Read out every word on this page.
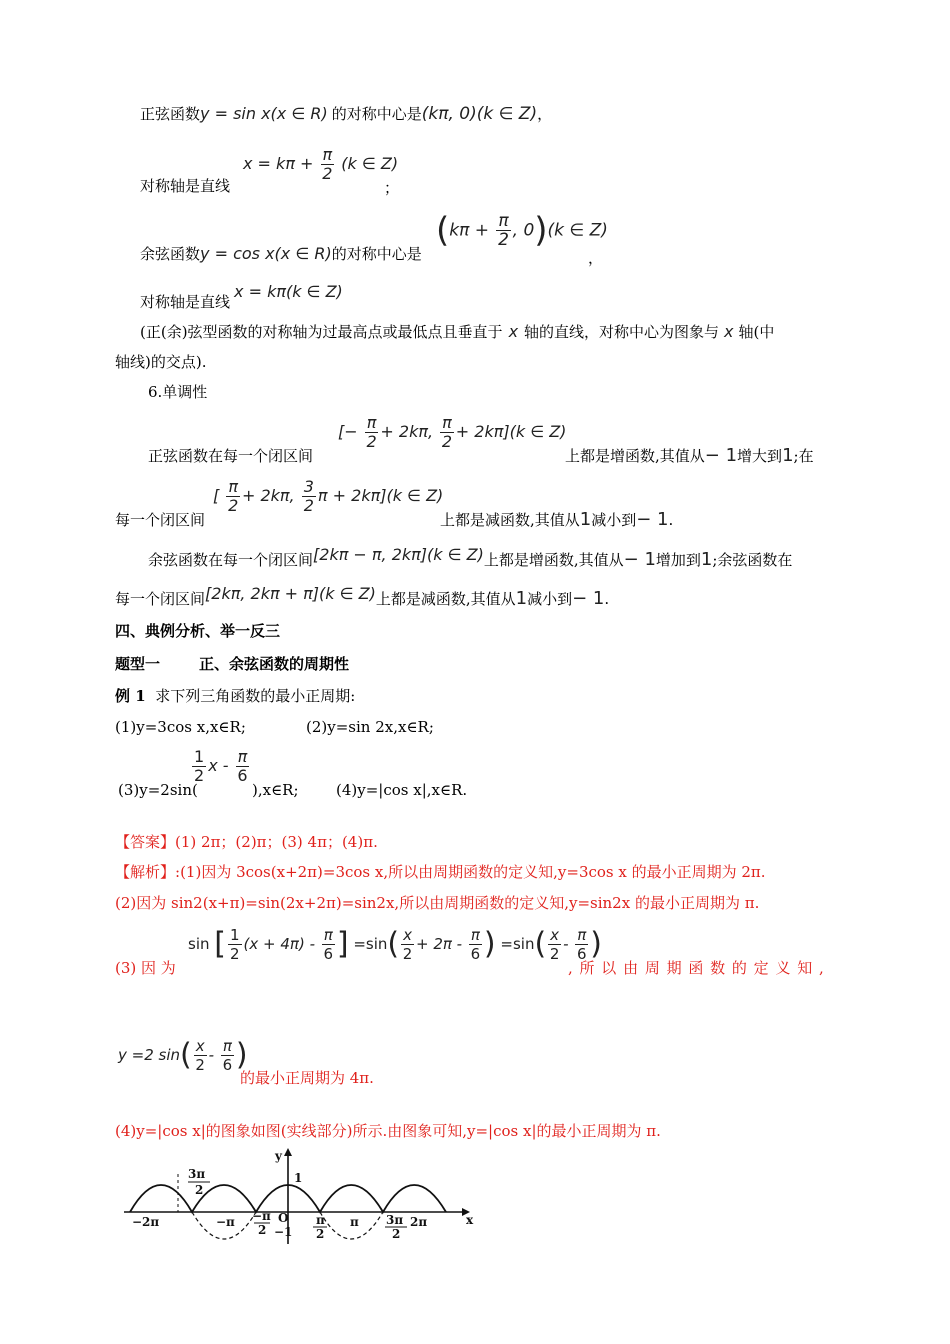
正弦函数y = sin x(x ∈ R) 的对称中心是(kπ, 0)(k ∈ Z)，
对称轴是直线
$x = k\pi + \frac{\pi}{2} (k$ ∈ Z)
；
余弦函数y = cos x(x ∈ R)的对称中心是
($k\pi + \frac{\pi}{2}$ , 0)(k ∈ Z)
，
对称轴是直线x = kπ(k ∈ Z)
(正(余)弦型函数的对称轴为过最高点或最低点且垂直于 x 轴的直线，对称中心为图象与 x 轴(中
轴线)的交点).
6.单调性
正弦函数在每一个闭区间
[− $\frac{\pi}{2} + 2k\pi$, $\frac{\pi}{2} + 2k\pi](k$ ∈ Z)
上都是增函数,其值从− 1增大到1;在
每一个闭区间
[ $\frac{\pi}{2} + 2k\pi$, $\frac{3}{2}$ π + 2kπ](k ∈ Z)
上都是减函数,其值从1减小到− 1.
余弦函数在每一个闭区间[2kπ − π, 2kπ](k ∈ Z)上都是增函数,其值从− 1增加到1;余弦函数在
每一个闭区间[2kπ, 2kπ + π](k ∈ Z)上都是减函数,其值从1减小到− 1.
四、典例分析、举一反三
题型一	正、余弦函数的周期性
例 1 求下列三角函数的最小正周期:
(1)y=3cos x,x∈R;	(2)y=sin 2x,x∈R;
(3)y=2sin(
$\frac{1}{2}$ x - $\frac{\pi}{6}$
),x∈R; (4)y=|cos x|,x∈R.
【答案】(1) 2π；(2)π；(3) 4π；(4)π.
【解析】:(1)因为 3cos(x+2π)=3cos x,所以由周期函数的定义知,y=3cos x 的最小正周期为 2π.
(2)因为 sin2(x+π)=sin(2x+2π)=sin2x,所以由周期函数的定义知,y=sin2x 的最小正周期为 π.
(3) 因 为
sin [ $\frac{1}{2} (x + 4\pi) - \frac{\pi}{6}$ ] $=\sin( \frac{x}{2} + 2\pi - \frac{\pi}{6}$ ) $=\sin( \frac{x}{2} - \frac{\pi}{6}$ )
, 所 以 由 周 期 函 数 的 定 义 知 ,
y =2 $\sin( \frac{x}{2} - \frac{\pi}{6}$ )
的最小正周期为 4π.
(4)y=|cos x|的图象如图(实线部分)所示.由图象可知,y=|cos x|的最小正周期为 π.
y
x
1
O
−1
−2π	−π	π	2π
3π
2
−π
2
π
2
3π
2
